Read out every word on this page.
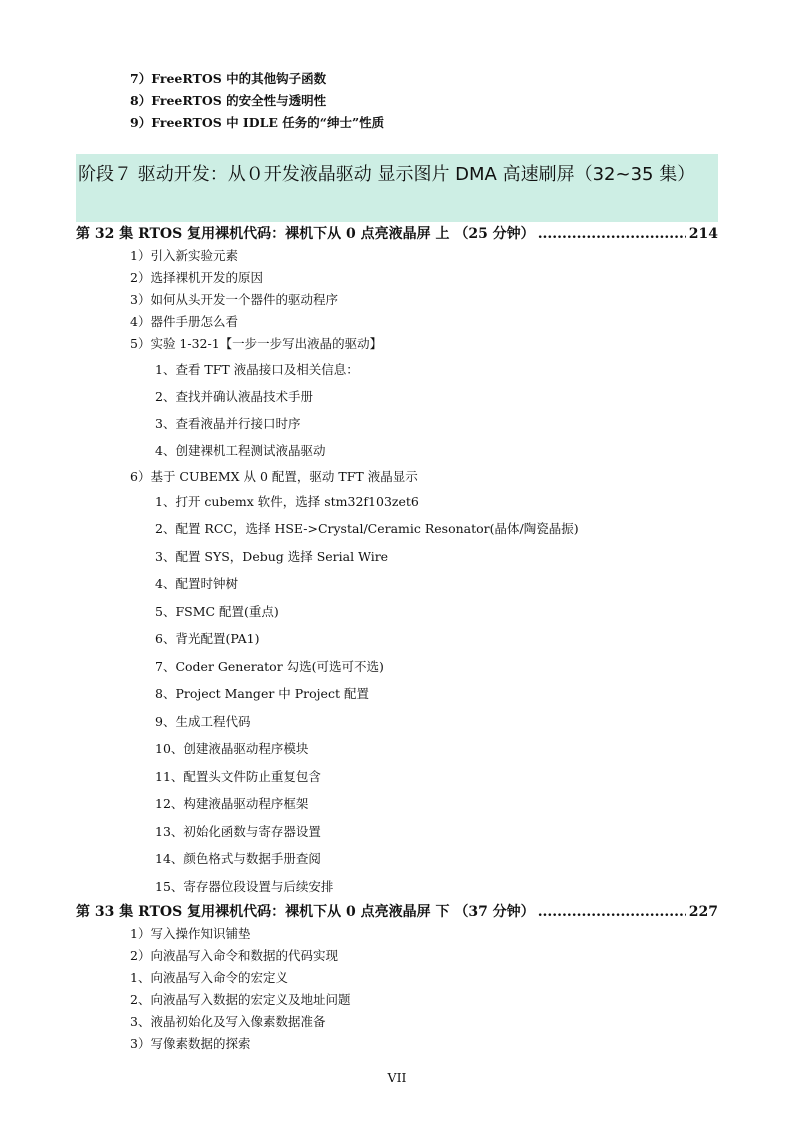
7）FreeRTOS 中的其他钩子函数
8）FreeRTOS 的安全性与透明性
9）FreeRTOS 中 IDLE 任务的“绅士”性质
阶段７ 驱动开发：从０开发液晶驱动 显示图片 DMA 高速刷屏（32~35 集）
第 32 集 RTOS 复用裸机代码：裸机下从 0 点亮液晶屏 上 （25 分钟） .....	214
1）引入新实验元素
2）选择裸机开发的原因
3）如何从头开发一个器件的驱动程序
4）器件手册怎么看
5）实验 1-32-1【一步一步写出液晶的驱动】
1、查看 TFT 液晶接口及相关信息：
2、查找并确认液晶技术手册
3、查看液晶并行接口时序
4、创建裸机工程测试液晶驱动
6）基于 CUBEMX 从 0 配置，驱动 TFT 液晶显示
1、打开 cubemx 软件，选择 stm32f103zet6
2、配置 RCC，选择 HSE->Crystal/Ceramic Resonator(晶体/陶瓷晶振)
3、配置 SYS，Debug 选择 Serial Wire
4、配置时钟树
5、FSMC 配置(重点)
6、背光配置(PA1)
7、Coder Generator 勾选(可选可不选)
8、Project Manger 中 Project 配置
9、生成工程代码
10、创建液晶驱动程序模块
11、配置头文件防止重复包含
12、构建液晶驱动程序框架
13、初始化函数与寄存器设置
14、颜色格式与数据手册查阅
15、寄存器位段设置与后续安排
第 33 集 RTOS 复用裸机代码：裸机下从 0 点亮液晶屏 下 （37 分钟） .....	227
1）写入操作知识铺垫
2）向液晶写入命令和数据的代码实现
1、向液晶写入命令的宏定义
2、向液晶写入数据的宏定义及地址问题
3、液晶初始化及写入像素数据准备
3）写像素数据的探索
VII
